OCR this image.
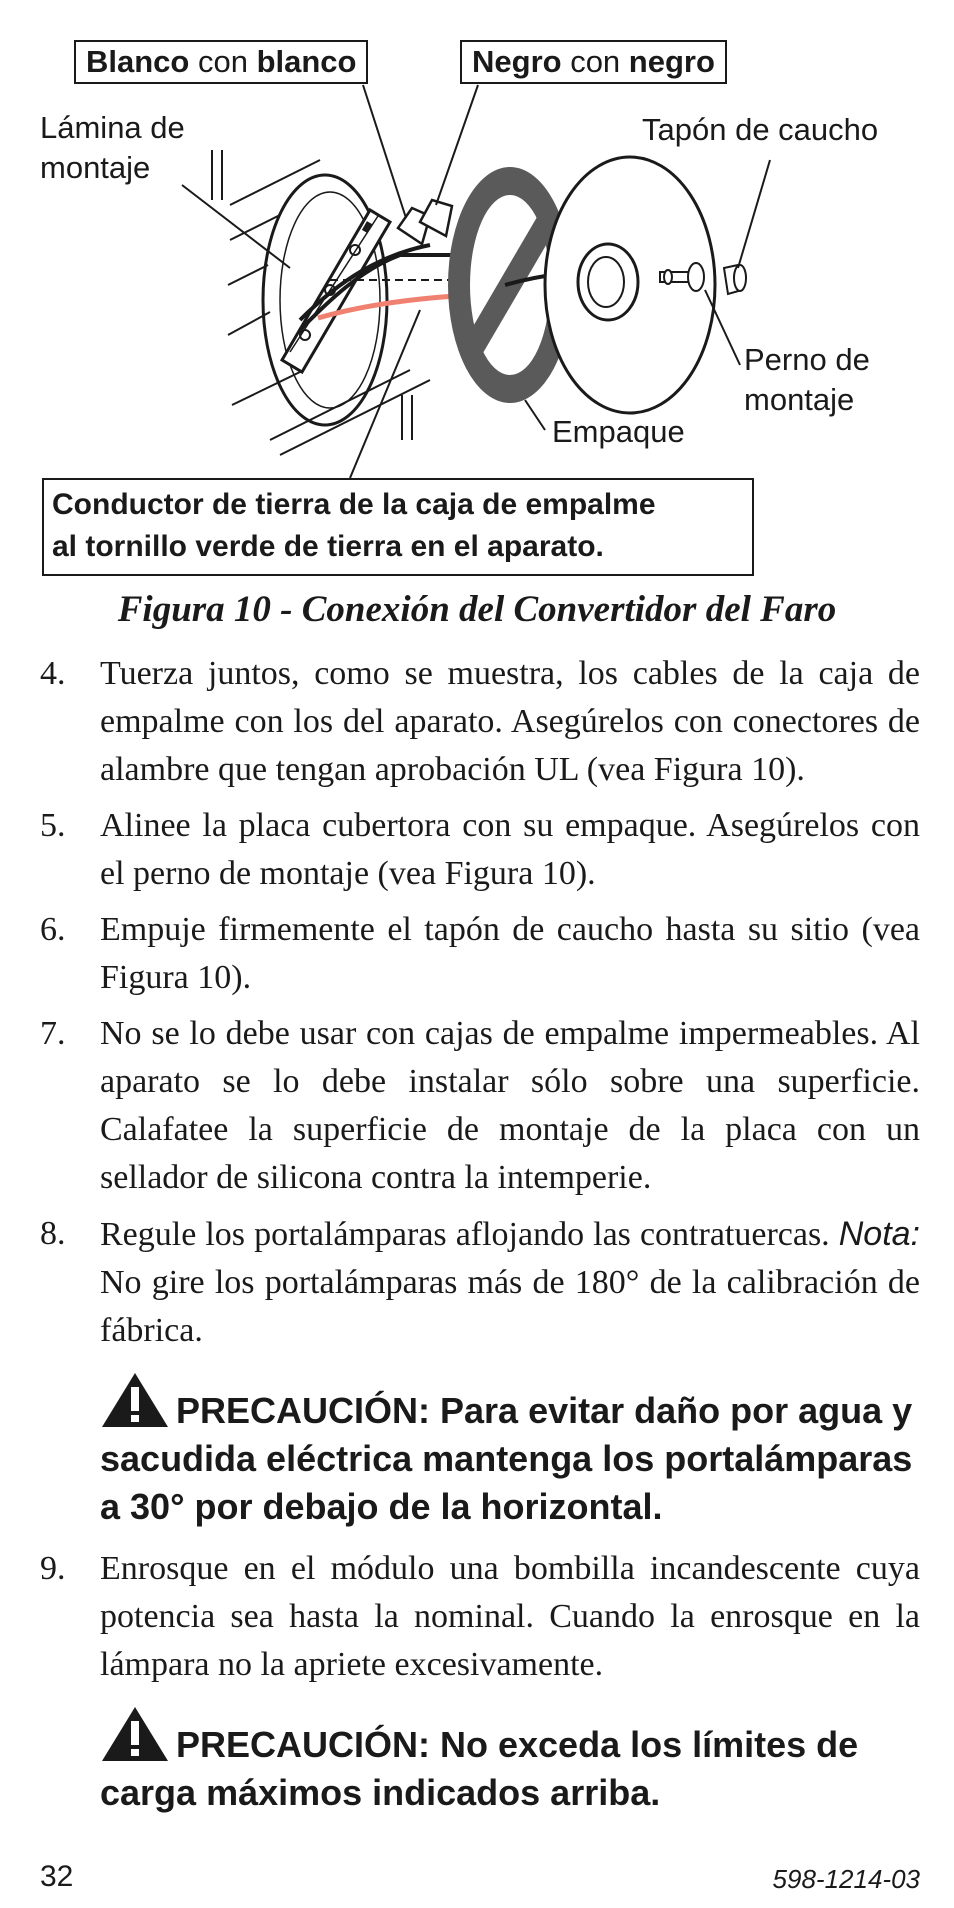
Blanco con blanco	Negro con negro
Lámina de
montaje
Tapón de caucho
Perno de
montaje
Empaque
Conductor de tierra de la caja de empalme
al tornillo verde de tierra en el aparato.
Figura 10 - Conexión del Convertidor del Faro
4. Tuerza juntos, como se muestra, los cables de la caja de empalme con los del aparato. Asegúrelos con conectores de alambre que tengan aprobación UL (vea Figura 10).
5. Alinee la placa cubertora con su empaque. Asegúrelos con el perno de montaje (vea Figura 10).
6. Empuje firmemente el tapón de caucho hasta su sitio (vea Figura 10).
7. No se lo debe usar con cajas de empalme impermeables. Al aparato se lo debe instalar sólo sobre una superficie. Calafatee la superficie de montaje de la placa con un sellador de silicona contra la intemperie.
8. Regule los portalámparas aflojando las contratuercas. Nota: No gire los portalámparas más de 180° de la calibración de fábrica.
PRECAUCIÓN: Para evitar daño por agua y sacudida eléctrica mantenga los portalámparas a 30° por debajo de la horizontal.
9. Enrosque en el módulo una bombilla incandescente cuya potencia sea hasta la nominal. Cuando la enrosque en la lámpara no la apriete excesivamente.
PRECAUCIÓN: No exceda los límites de carga máximos indicados arriba.
32	598-1214-03
